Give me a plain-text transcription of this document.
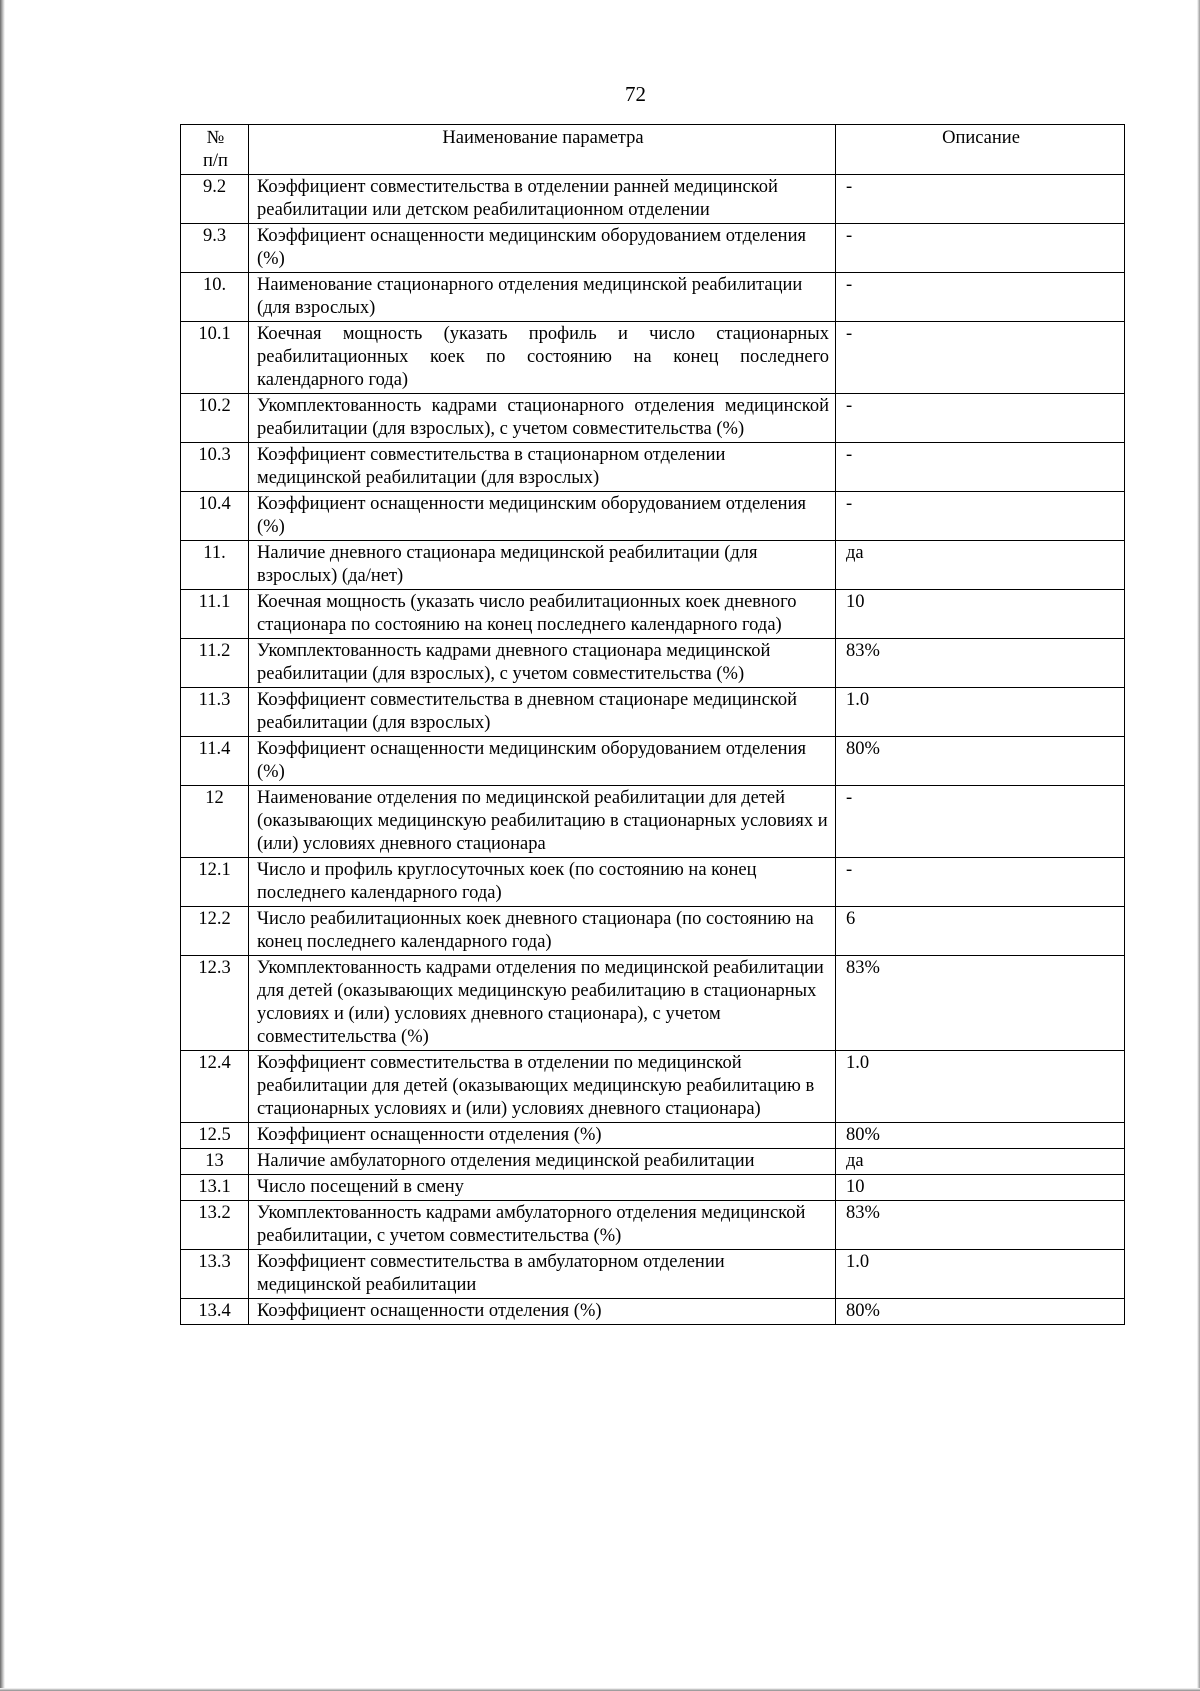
72
№
п/п	Наименование параметра	Описание
9.2	Коэффициент совместительства в отделении ранней медицинской реабилитации или детском реабилитационном отделении	-
9.3	Коэффициент оснащенности медицинским оборудованием отделения (%)	-
10.	Наименование стационарного отделения медицинской реабилитации (для взрослых)	-
10.1	Коечная мощность (указать профиль и число стационарных реабилитационных коек по состоянию на конец последнего календарного года)	-
10.2	Укомплектованность кадрами стационарного отделения медицинской реабилитации (для взрослых), с учетом совместительства (%)	-
10.3	Коэффициент совместительства в стационарном отделении медицинской реабилитации (для взрослых)	-
10.4	Коэффициент оснащенности медицинским оборудованием отделения (%)	-
11.	Наличие дневного стационара медицинской реабилитации (для взрослых) (да/нет)	да
11.1	Коечная мощность (указать число реабилитационных коек дневного стационара по состоянию на конец последнего календарного года)	10
11.2	Укомплектованность кадрами дневного стационара медицинской реабилитации (для взрослых), с учетом совместительства (%)	83%
11.3	Коэффициент совместительства в дневном стационаре медицинской реабилитации (для взрослых)	1.0
11.4	Коэффициент оснащенности медицинским оборудованием отделения (%)	80%
12	Наименование отделения по медицинской реабилитации для детей (оказывающих медицинскую реабилитацию в стационарных условиях и (или) условиях дневного стационара	-
12.1	Число и профиль круглосуточных коек (по состоянию на конец последнего календарного года)	-
12.2	Число реабилитационных коек дневного стационара (по состоянию на конец последнего календарного года)	6
12.3	Укомплектованность кадрами отделения по медицинской реабилитации для детей (оказывающих медицинскую реабилитацию в стационарных условиях и (или) условиях дневного стационара), с учетом совместительства (%)	83%
12.4	Коэффициент совместительства в отделении по медицинской реабилитации для детей (оказывающих медицинскую реабилитацию в стационарных условиях и (или) условиях дневного стационара)	1.0
12.5	Коэффициент оснащенности отделения (%)	80%
13	Наличие амбулаторного отделения медицинской реабилитации	да
13.1	Число посещений в смену	10
13.2	Укомплектованность кадрами амбулаторного отделения медицинской реабилитации, с учетом совместительства (%)	83%
13.3	Коэффициент совместительства в амбулаторном отделении медицинской реабилитации	1.0
13.4	Коэффициент оснащенности отделения (%)	80%
